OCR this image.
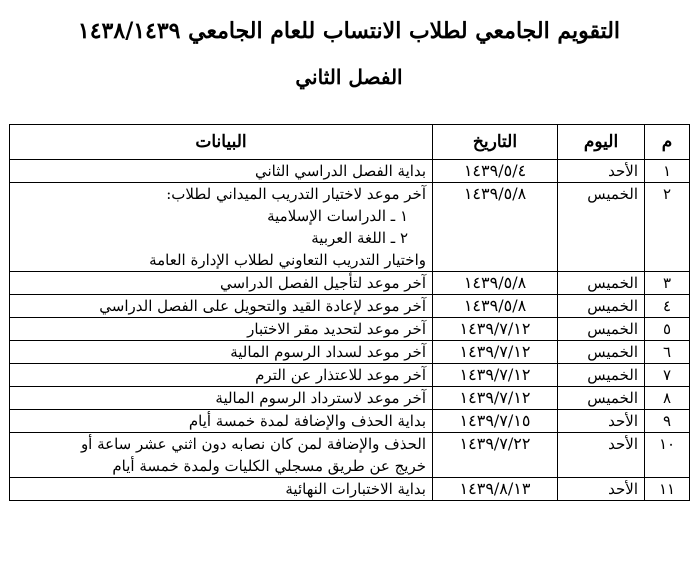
التقويم الجامعي لطلاب الانتساب للعام الجامعي ١٤٣٨/١٤٣٩
الفصل الثاني
م	اليوم	التاريخ	البيانات
١	الأحد	١٤٣٩/٥/٤	بداية الفصل الدراسي الثاني

٢	الخميس	١٤٣٩/٥/٨	آخر موعد لاختيار التدريب الميداني لطلاب:
١ ـ الدراسات الإسلامية
٢ ـ اللغة العربية
واختيار التدريب التعاوني لطلاب الإدارة العامة

٣	الخميس	١٤٣٩/٥/٨	آخر موعد لتأجيل الفصل الدراسي

٤	الخميس	١٤٣٩/٥/٨	آخر موعد لإعادة القيد والتحويل على الفصل الدراسي

٥	الخميس	١٤٣٩/٧/١٢	آخر موعد لتحديد مقر الاختبار

٦	الخميس	١٤٣٩/٧/١٢	آخر موعد لسداد الرسوم المالية

٧	الخميس	١٤٣٩/٧/١٢	آخر موعد للاعتذار عن الترم

٨	الخميس	١٤٣٩/٧/١٢	آخر موعد لاسترداد الرسوم المالية

٩	الأحد	١٤٣٩/٧/١٥	بداية الحذف والإضافة لمدة خمسة أيام

١٠	الأحد	١٤٣٩/٧/٢٢	الحذف والإضافة لمن كان نصابه دون اثني عشر ساعة أو
خريج عن طريق مسجلي الكليات ولمدة خمسة أيام

١١	الأحد	١٤٣٩/٨/١٣	بداية الاختبارات النهائية
